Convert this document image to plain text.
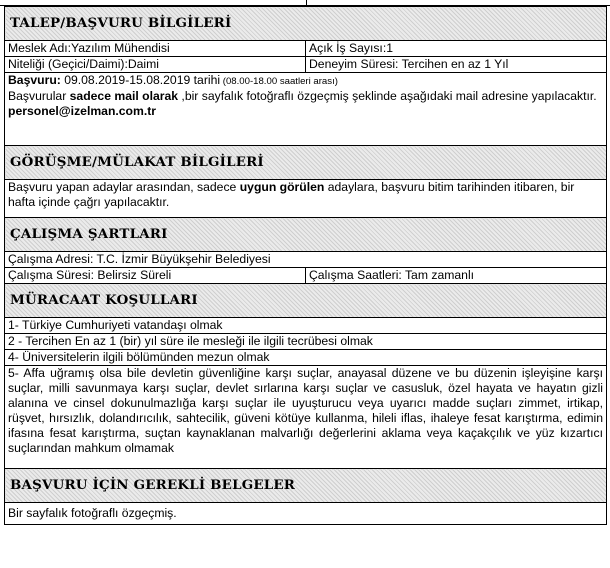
TALEP/BAŞVURU BİLGİLERİ	
Meslek Adı:Yazılım Mühendisi	Açık İş Sayısı:1
Niteliği (Geçici/Daimi):Daimi	Deneyim Süresi: Tercihen en az 1 Yıl

Başvuru: 09.08.2019-15.08.2019 tarihi (08.00-18.00 saatleri arası)
Başvurular sadece mail olarak ,bir sayfalık fotoğraflı özgeçmiş şeklinde aşağıdaki mail adresine yapılacaktır.
personel@izelman.com.tr	

GÖRÜŞME/MÜLAKAT BİLGİLERİ	
Başvuru yapan adaylar arasından, sadece uygun görülen adaylara, başvuru bitim tarihinden itibaren, bir hafta içinde çağrı yapılacaktır.	
ÇALIŞMA ŞARTLARI	
Çalışma Adresi: T.C. İzmir Büyükşehir Belediyesi	
Çalışma Süresi: Belirsiz Süreli	Çalışma Saatleri: Tam zamanlı
MÜRACAAT KOŞULLARI	
1- Türkiye Cumhuriyeti vatandaşı olmak	
2 - Tercihen En az 1 (bir) yıl süre ile mesleği ile ilgili tecrübesi olmak	
4- Üniversitelerin ilgili bölümünden mezun olmak	
5- Affa uğramış olsa bile devletin güvenliğine karşı suçlar, anayasal düzene ve bu düzenin işleyişine karşı suçlar, milli savunmaya karşı suçlar, devlet sırlarına karşı suçlar ve casusluk, özel hayata ve hayatın gizli alanına ve cinsel dokunulmazlığa karşı suçlar ile uyuşturucu veya uyarıcı madde suçları zimmet, irtikap, rüşvet, hırsızlık, dolandırıcılık, sahtecilik, güveni kötüye kullanma, hileli iflas, ihaleye fesat karıştırma, edimin ifasına fesat karıştırma, suçtan kaynaklanan malvarlığı değerlerini aklama veya kaçakçılık ve yüz kızartıcı suçlarından mahkum olmamak	
BAŞVURU İÇİN GEREKLİ BELGELER	
Bir sayfalık fotoğraflı özgeçmiş.	
